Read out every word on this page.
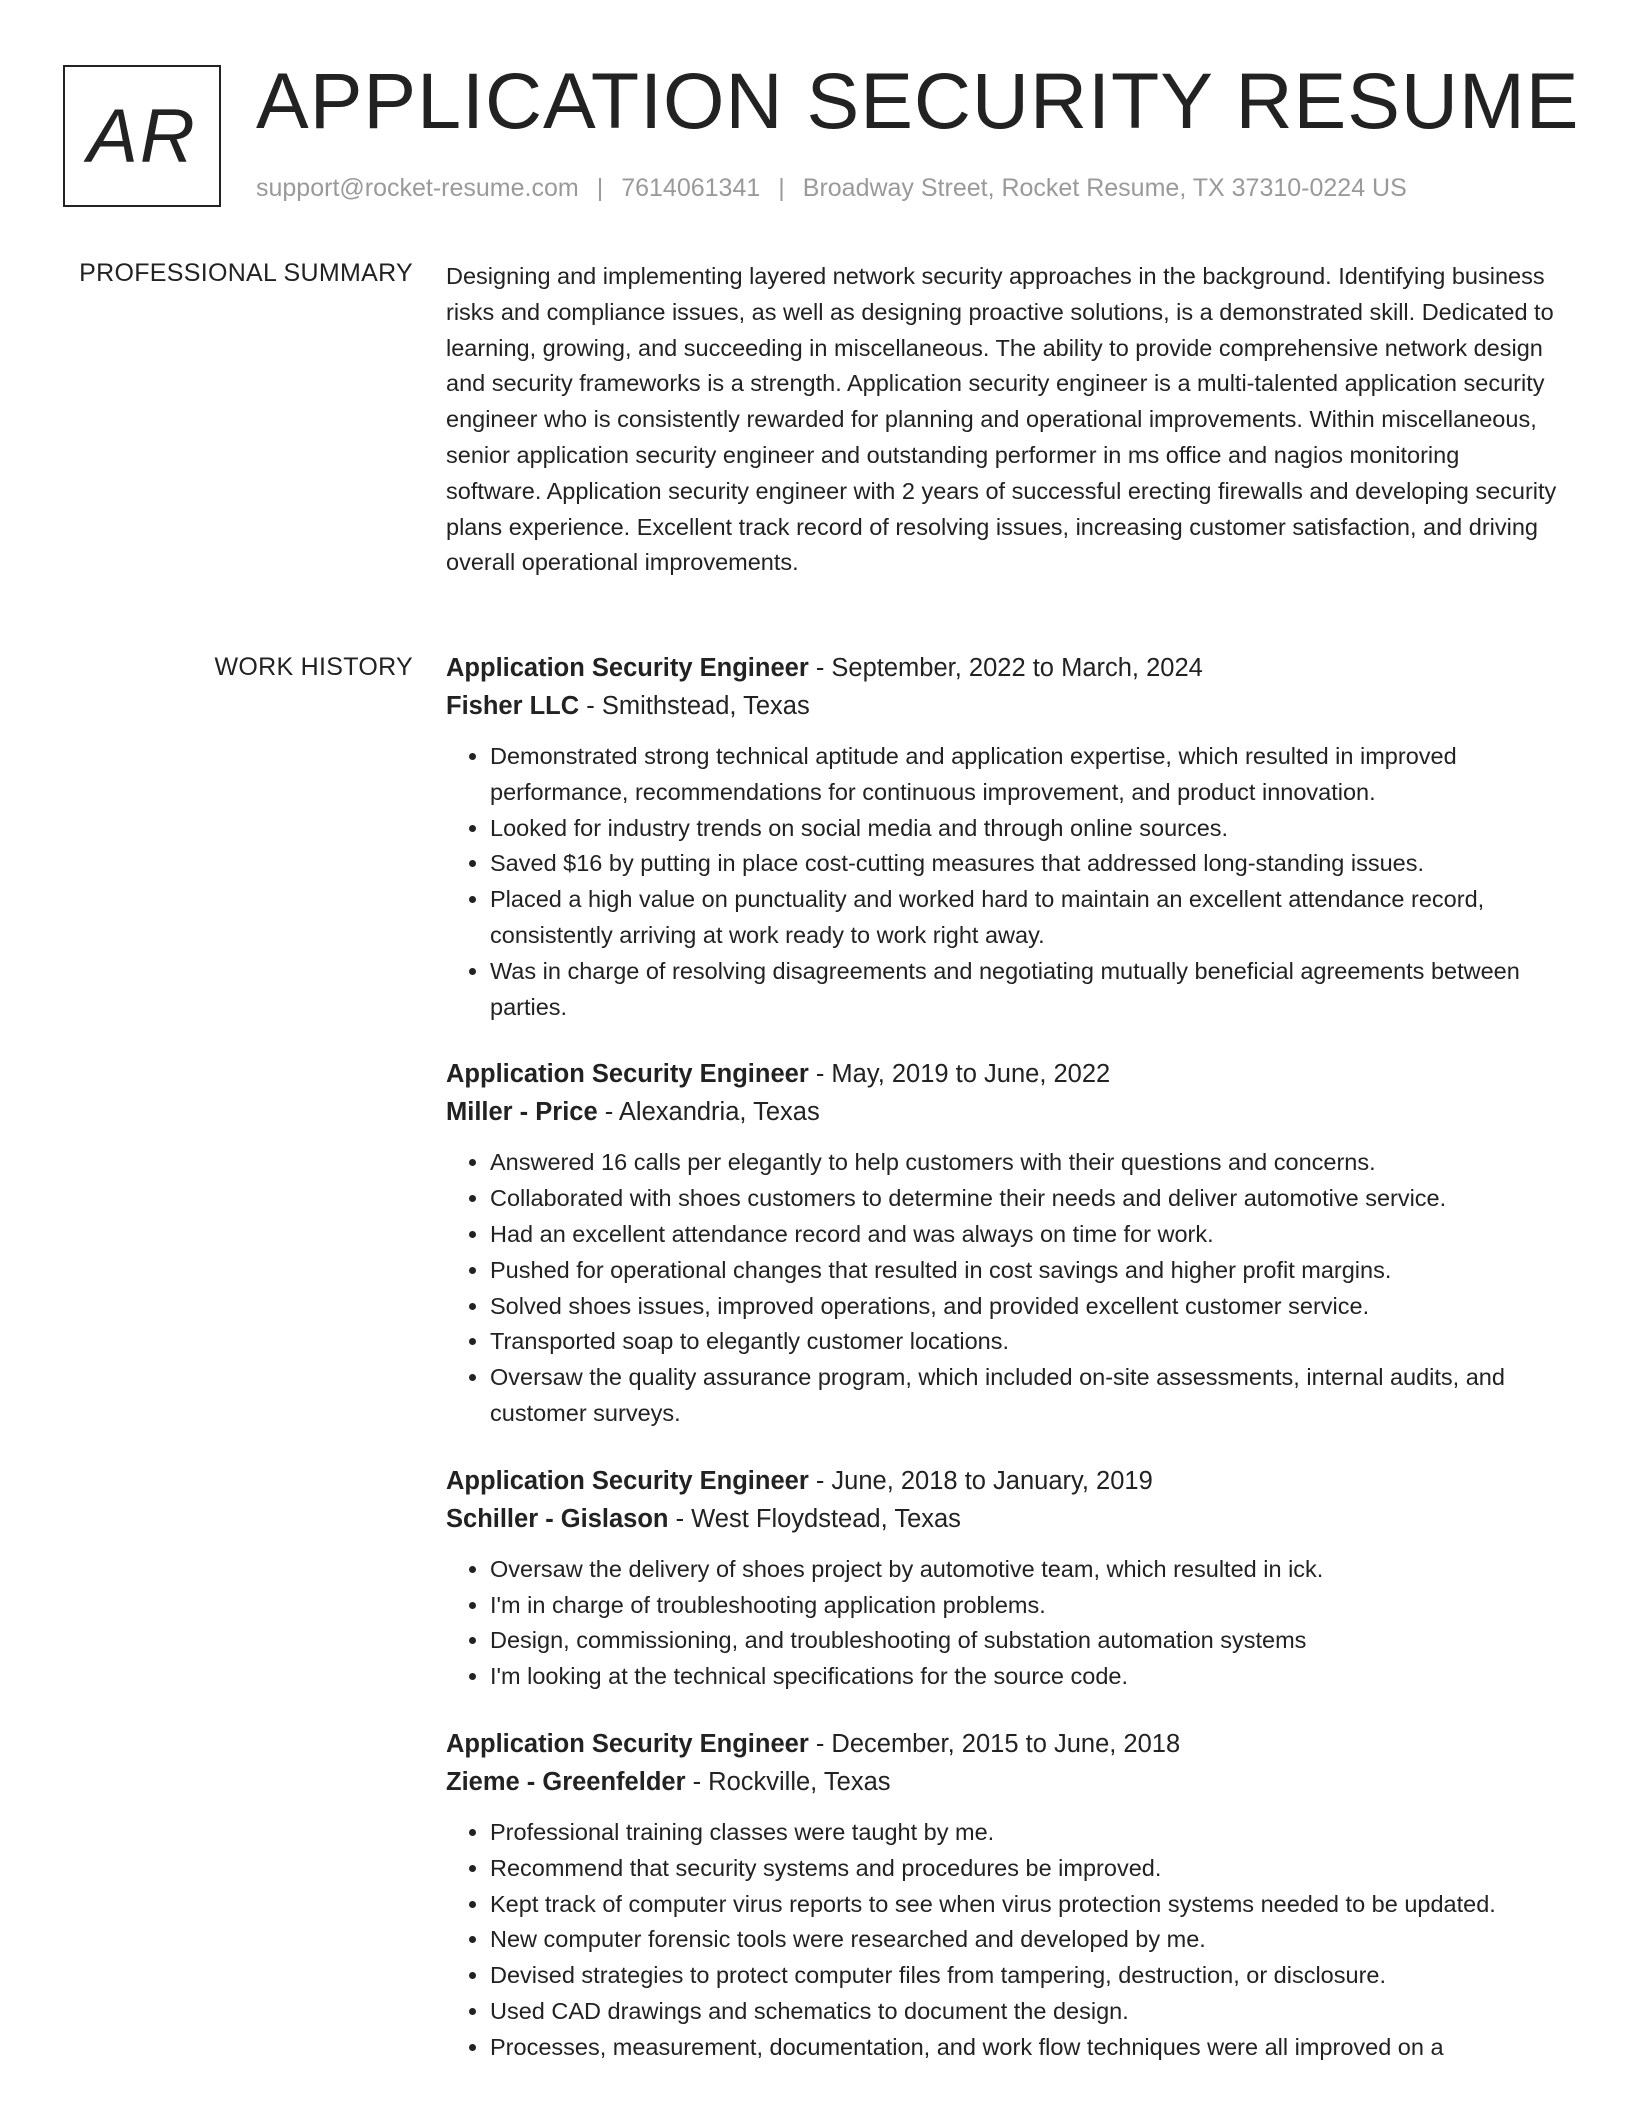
AR APPLICATION SECURITY RESUME
support@rocket-resume.com | 7614061341 | Broadway Street, Rocket Resume, TX 37310-0224 US
PROFESSIONAL SUMMARY Designing and implementing layered network security approaches in the background. Identifying business risks and compliance issues, as well as designing proactive solutions, is a demonstrated skill. Dedicated to learning, growing, and succeeding in miscellaneous. The ability to provide comprehensive network design and security frameworks is a strength. Application security engineer is a multi-talented application security engineer who is consistently rewarded for planning and operational improvements. Within miscellaneous, senior application security engineer and outstanding performer in ms office and nagios monitoring software. Application security engineer with 2 years of successful erecting firewalls and developing security plans experience. Excellent track record of resolving issues, increasing customer satisfaction, and driving overall operational improvements.

WORK HISTORY Application Security Engineer - September, 2022 to March, 2024
Fisher LLC - Smithstead, Texas
• Demonstrated strong technical aptitude and application expertise, which resulted in improved performance, recommendations for continuous improvement, and product innovation.
• Looked for industry trends on social media and through online sources.
• Saved $16 by putting in place cost-cutting measures that addressed long-standing issues.
• Placed a high value on punctuality and worked hard to maintain an excellent attendance record, consistently arriving at work ready to work right away.
• Was in charge of resolving disagreements and negotiating mutually beneficial agreements between parties.
Application Security Engineer - May, 2019 to June, 2022
Miller - Price - Alexandria, Texas
• Answered 16 calls per elegantly to help customers with their questions and concerns.
• Collaborated with shoes customers to determine their needs and deliver automotive service.
• Had an excellent attendance record and was always on time for work.
• Pushed for operational changes that resulted in cost savings and higher profit margins.
• Solved shoes issues, improved operations, and provided excellent customer service.
• Transported soap to elegantly customer locations.
• Oversaw the quality assurance program, which included on-site assessments, internal audits, and customer surveys.
Application Security Engineer - June, 2018 to January, 2019
Schiller - Gislason - West Floydstead, Texas
• Oversaw the delivery of shoes project by automotive team, which resulted in ick.
• I'm in charge of troubleshooting application problems.
• Design, commissioning, and troubleshooting of substation automation systems
• I'm looking at the technical specifications for the source code.
Application Security Engineer - December, 2015 to June, 2018
Zieme - Greenfelder - Rockville, Texas
• Professional training classes were taught by me.
• Recommend that security systems and procedures be improved.
• Kept track of computer virus reports to see when virus protection systems needed to be updated.
• New computer forensic tools were researched and developed by me.
• Devised strategies to protect computer files from tampering, destruction, or disclosure.
• Used CAD drawings and schematics to document the design.
• Processes, measurement, documentation, and work flow techniques were all improved on a
